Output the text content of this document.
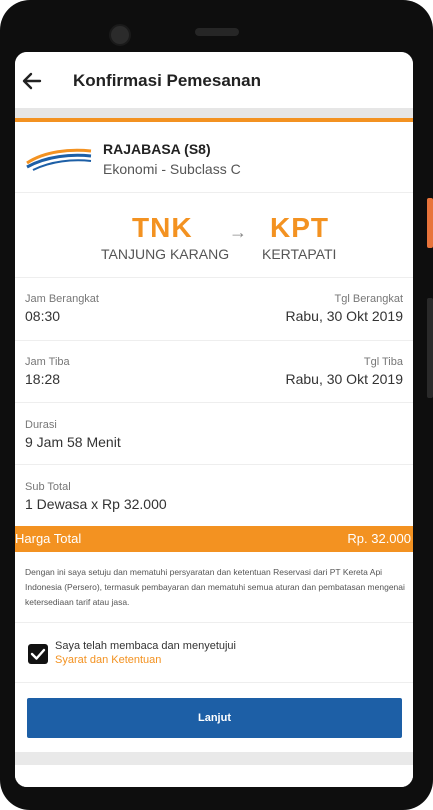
Konfirmasi Pemesanan
RAJABASA (S8)
Ekonomi - Subclass C
TNK
TANJUNG KARANG
→ KPT
KERTAPATI
Jam Berangkat
08:30
Tgl Berangkat
Rabu, 30 Okt 2019
Jam Tiba
18:28
Tgl Tiba
Rabu, 30 Okt 2019
Durasi
9 Jam 58 Menit
Sub Total
1 Dewasa x Rp 32.000
Harga Total	Rp. 32.000
Dengan ini saya setuju dan mematuhi persyaratan dan ketentuan Reservasi dari PT Kereta Api Indonesia (Persero), termasuk pembayaran dan mematuhi semua aturan dan pembatasan mengenai ketersediaan tarif atau jasa.
Saya telah membaca dan menyetujui
Syarat dan Ketentuan
Lanjut
